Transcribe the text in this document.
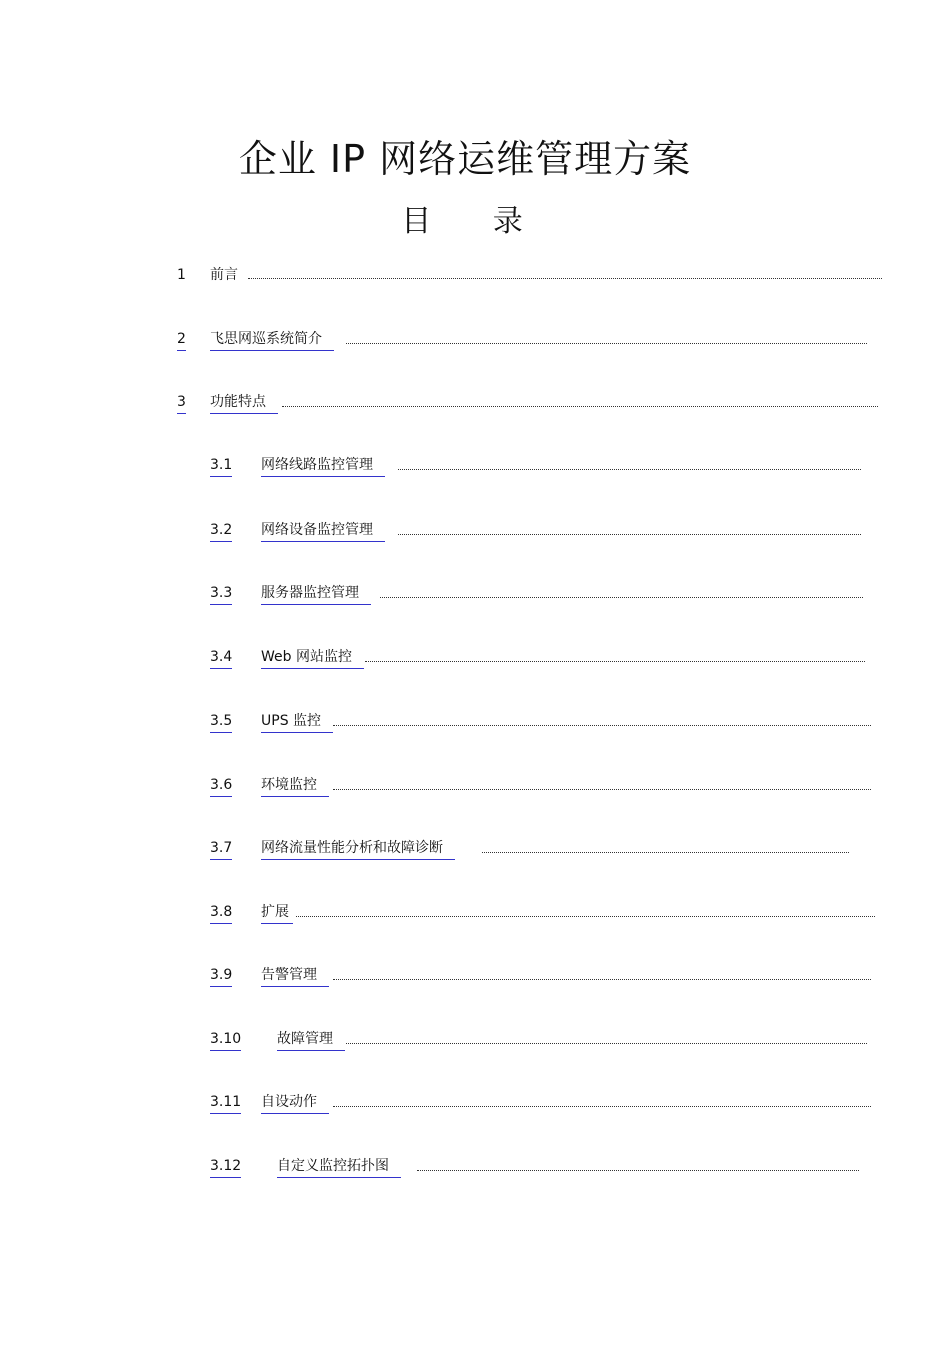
企业 IP 网络运维管理方案
目 录
1 前言
2 飞思网巡系统简介
3 功能特点
3.1 网络线路监控管理
3.2 网络设备监控管理
3.3 服务器监控管理
3.4 Web 网站监控
3.5 UPS 监控
3.6 环境监控
3.7 网络流量性能分析和故障诊断
3.8 扩展
3.9 告警管理
3.10	故障管理
3.11 自设动作
3.12	自定义监控拓扑图
